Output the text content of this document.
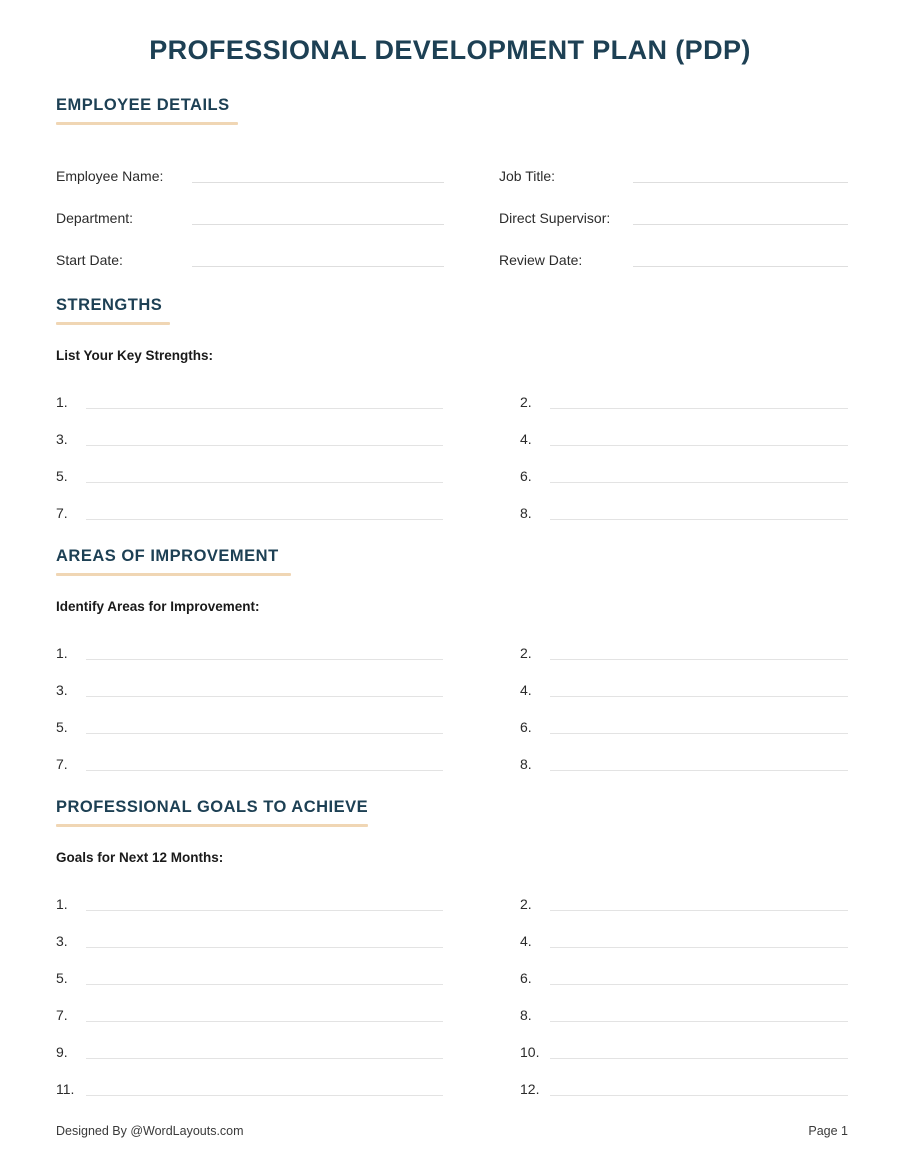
PROFESSIONAL DEVELOPMENT PLAN (PDP)
EMPLOYEE DETAILS
Employee Name:	Job Title:
Department:	Direct Supervisor:
Start Date:	Review Date:
STRENGTHS

List Your Key Strengths:

1.	2.
3.	4.
5.	6.
7.	8.
AREAS OF IMPROVEMENT

Identify Areas for Improvement:

1.	2.
3.	4.
5.	6.
7.	8.
PROFESSIONAL GOALS TO ACHIEVE

Goals for Next 12 Months:

1.	2.
3.	4.
5.	6.
7.	8.
9.	10.
11.	12.
Designed By @WordLayouts.com	Page 1
